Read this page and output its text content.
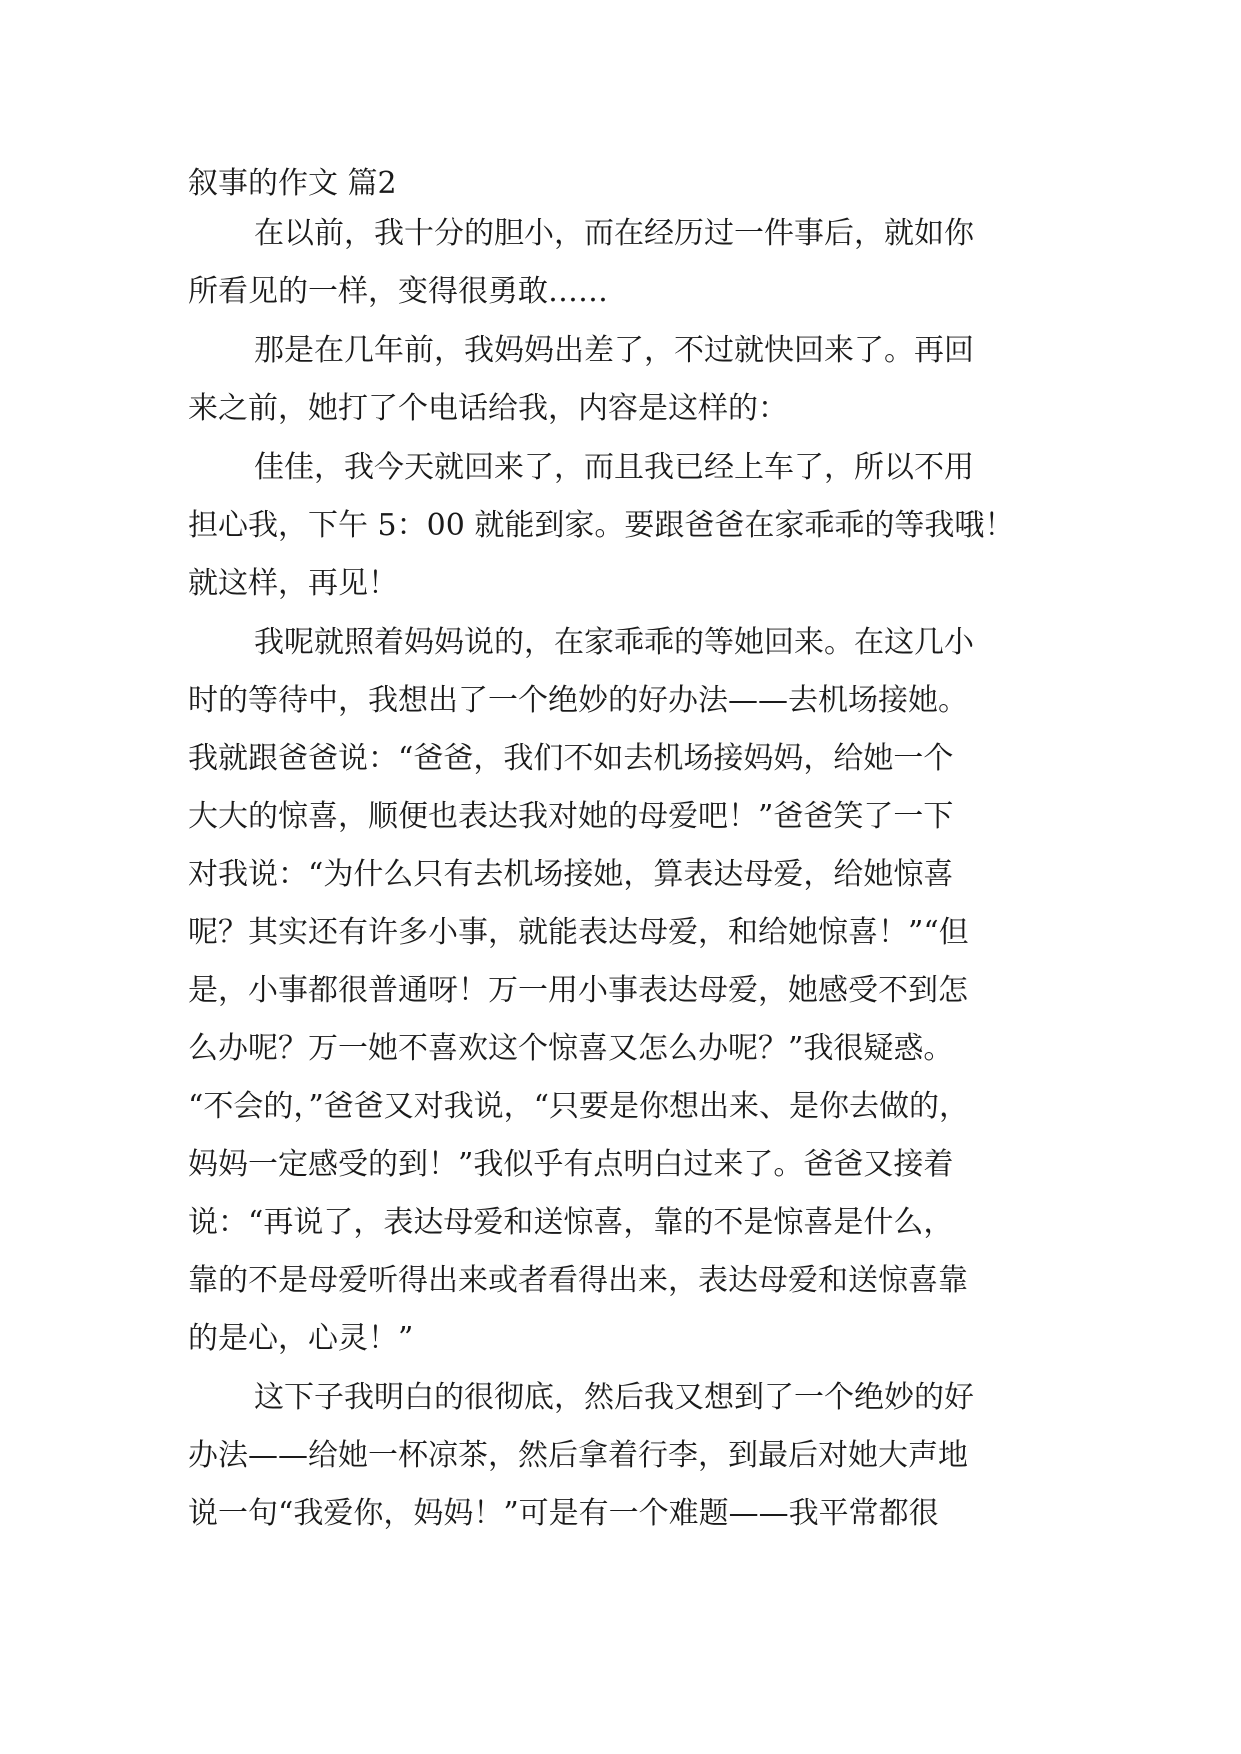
叙事的作文 篇2
在以前，我十分的胆小，而在经历过一件事后，就如你
所看见的一样，变得很勇敢……
那是在几年前，我妈妈出差了，不过就快回来了。再回
来之前，她打了个电话给我，内容是这样的：
佳佳，我今天就回来了，而且我已经上车了，所以不用
担心我，下午 5：00 就能到家。要跟爸爸在家乖乖的等我哦！
就这样，再见！
我呢就照着妈妈说的，在家乖乖的等她回来。在这几小
时的等待中，我想出了一个绝妙的好办法——去机场接她。
我就跟爸爸说：“爸爸，我们不如去机场接妈妈，给她一个
大大的惊喜，顺便也表达我对她的母爱吧！”爸爸笑了一下
对我说：“为什么只有去机场接她，算表达母爱，给她惊喜
呢？其实还有许多小事，就能表达母爱，和给她惊喜！”“但
是，小事都很普通呀！万一用小事表达母爱，她感受不到怎
么办呢？万一她不喜欢这个惊喜又怎么办呢？”我很疑惑。
“不会的，”爸爸又对我说，“只要是你想出来、是你去做的，
妈妈一定感受的到！”我似乎有点明白过来了。爸爸又接着
说：“再说了，表达母爱和送惊喜，靠的不是惊喜是什么，
靠的不是母爱听得出来或者看得出来，表达母爱和送惊喜靠
的是心，心灵！”
这下子我明白的很彻底，然后我又想到了一个绝妙的好
办法——给她一杯凉茶，然后拿着行李，到最后对她大声地
说一句“我爱你，妈妈！”可是有一个难题——我平常都很
